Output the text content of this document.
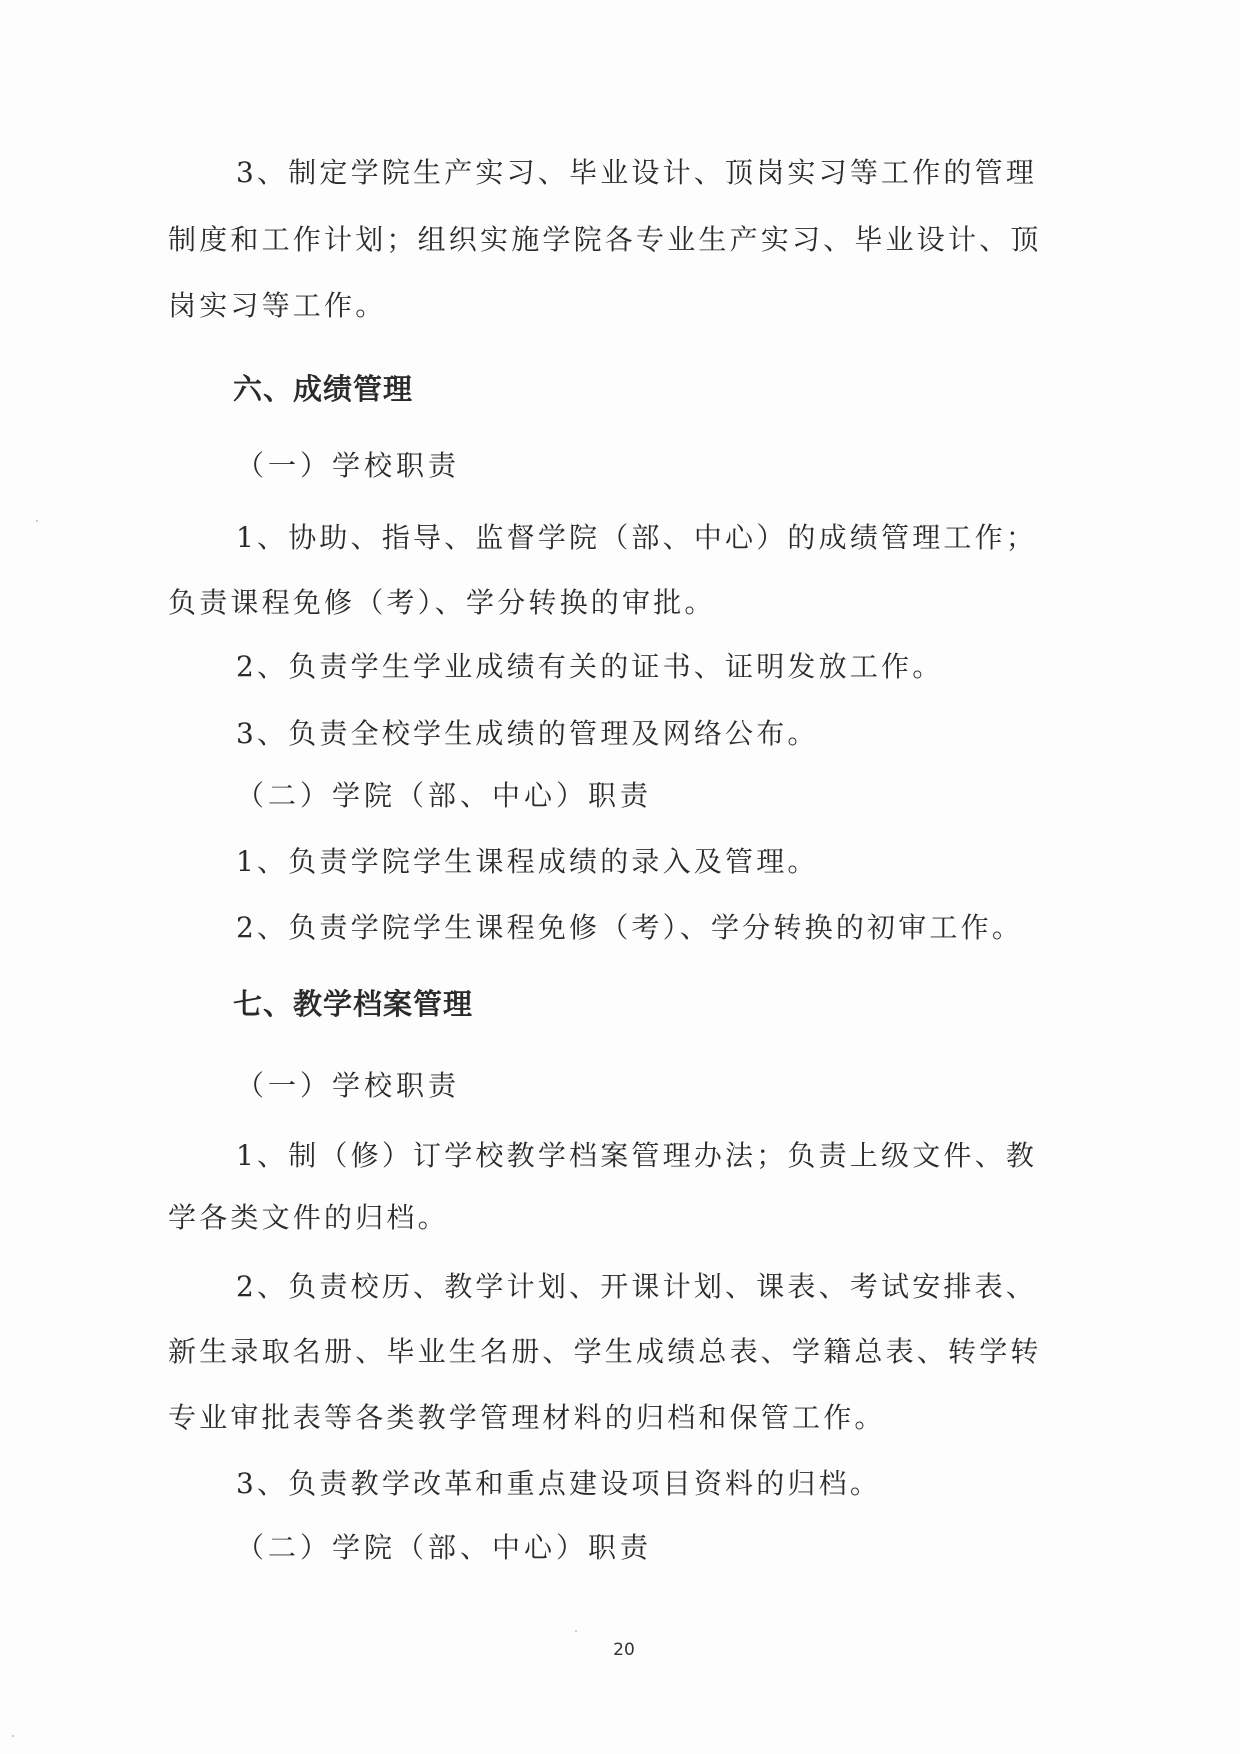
3、制定学院生产实习、毕业设计、顶岗实习等工作的管理
制度和工作计划；组织实施学院各专业生产实习、毕业设计、顶
岗实习等工作。
六、成绩管理
（一）学校职责
1、协助、指导、监督学院（部、中心）的成绩管理工作；
负责课程免修（考）、学分转换的审批。
2、负责学生学业成绩有关的证书、证明发放工作。
3、负责全校学生成绩的管理及网络公布。
（二）学院（部、中心）职责
1、负责学院学生课程成绩的录入及管理。
2、负责学院学生课程免修（考）、学分转换的初审工作。
七、教学档案管理
（一）学校职责
1、制（修）订学校教学档案管理办法；负责上级文件、教
学各类文件的归档。
2、负责校历、教学计划、开课计划、课表、考试安排表、
新生录取名册、毕业生名册、学生成绩总表、学籍总表、转学转
专业审批表等各类教学管理材料的归档和保管工作。
3、负责教学改革和重点建设项目资料的归档。
（二）学院（部、中心）职责
20
